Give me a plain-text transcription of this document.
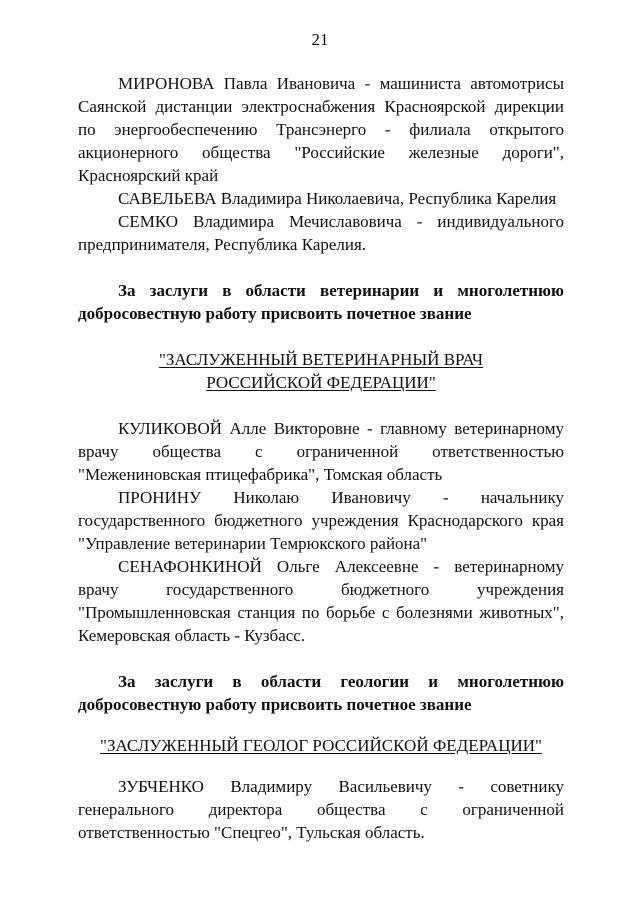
21

МИРОНОВА Павла Ивановича - машиниста автомотрисы Саянской дистанции электроснабжения Красноярской дирекции по энергообеспечению Трансэнерго - филиала открытого акционерного общества "Российские железные дороги", Красноярский край

САВЕЛЬЕВА Владимира Николаевича, Республика Карелия

СЕМКО Владимира Мечиславовича - индивидуального предпринимателя, Республика Карелия.

За заслуги в области ветеринарии и многолетнюю добросовестную работу присвоить почетное звание

"ЗАСЛУЖЕННЫЙ ВЕТЕРИНАРНЫЙ ВРАЧ

РОССИЙСКОЙ ФЕДЕРАЦИИ"

КУЛИКОВОЙ Алле Викторовне - главному ветеринарному врачу общества с ограниченной ответственностью "Межениновская птицефабрика", Томская область

ПРОНИНУ Николаю Ивановичу - начальнику государственного бюджетного учреждения Краснодарского края "Управление ветеринарии Темрюкского района"

СЕНАФОНКИНОЙ Ольге Алексеевне - ветеринарному врачу государственного бюджетного учреждения "Промышленновская станция по борьбе с болезнями животных", Кемеровская область - Кузбасс.

За заслуги в области геологии и многолетнюю добросовестную работу присвоить почетное звание

"ЗАСЛУЖЕННЫЙ ГЕОЛОГ РОССИЙСКОЙ ФЕДЕРАЦИИ"

ЗУБЧЕНКО Владимиру Васильевичу - советнику генерального директора общества с ограниченной ответственностью "Спецгео", Тульская область.
